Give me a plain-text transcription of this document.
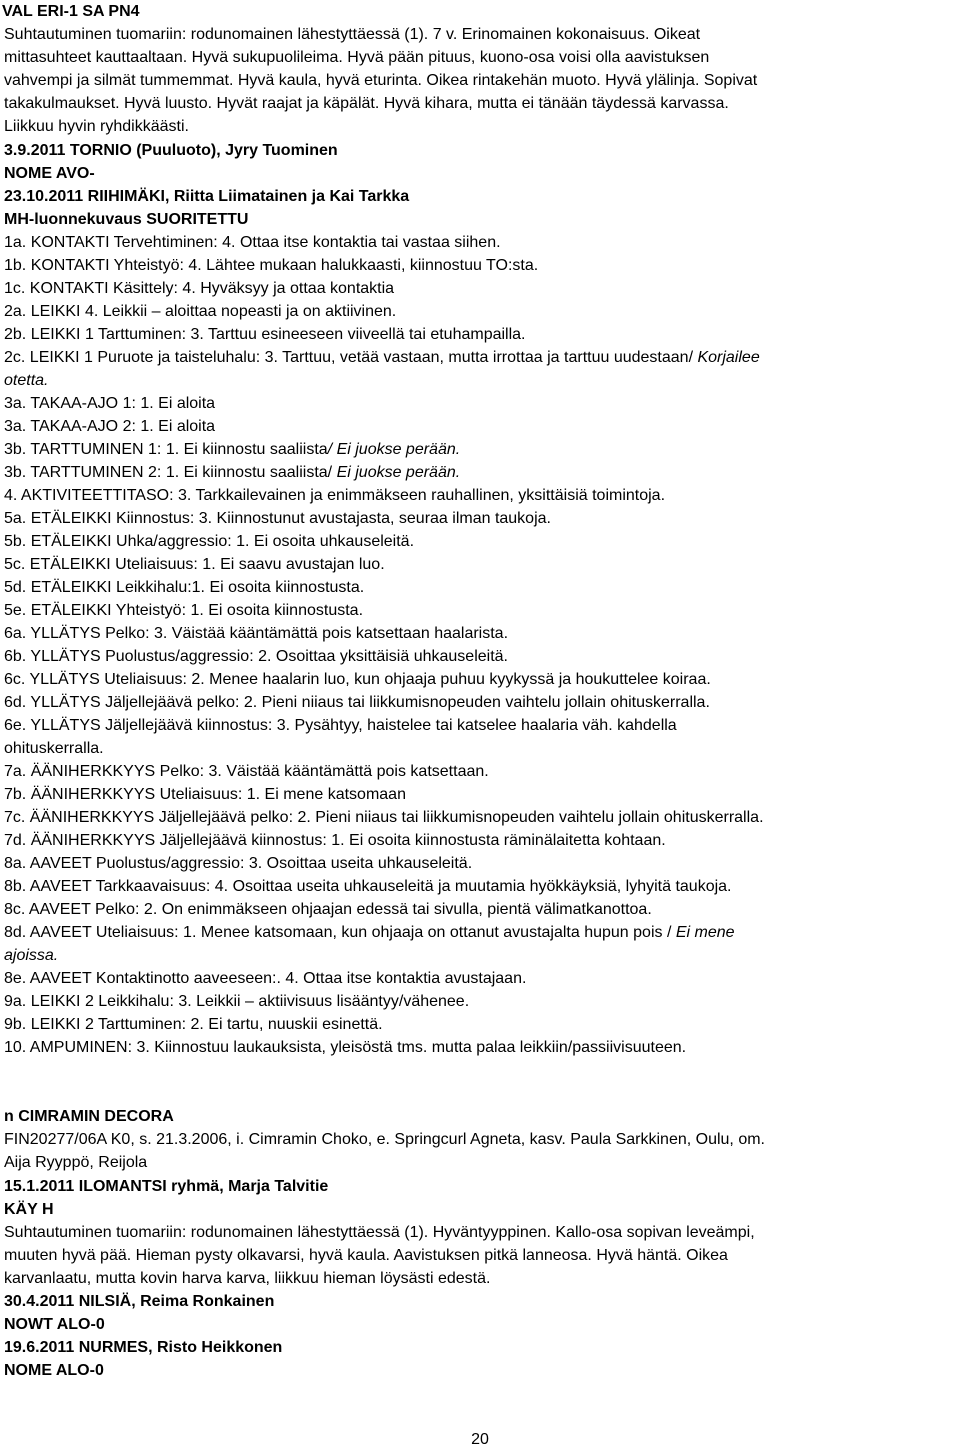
VAL ERI-1 SA PN4
Suhtautuminen tuomariin: rodunomainen lähestyttäessä (1). 7 v. Erinomainen kokonaisuus. Oikeat
mittasuhteet kauttaaltaan. Hyvä sukupuolileima. Hyvä pään pituus, kuono-osa voisi olla aavistuksen
vahvempi ja silmät tummemmat. Hyvä kaula, hyvä eturinta. Oikea rintakehän muoto. Hyvä ylälinja. Sopivat
takakulmaukset. Hyvä luusto. Hyvät raajat ja käpälät. Hyvä kihara, mutta ei tänään täydessä karvassa.
Liikkuu hyvin ryhdikkäästi.
3.9.2011 TORNIO (Puuluoto), Jyry Tuominen
NOME AVO-
23.10.2011 RIIHIMÄKI, Riitta Liimatainen ja Kai Tarkka
MH-luonnekuvaus SUORITETTU
1a. KONTAKTI Tervehtiminen: 4. Ottaa itse kontaktia tai vastaa siihen.
1b. KONTAKTI Yhteistyö: 4. Lähtee mukaan halukkaasti, kiinnostuu TO:sta.
1c. KONTAKTI Käsittely: 4. Hyväksyy ja ottaa kontaktia
2a. LEIKKI 4. Leikkii – aloittaa nopeasti ja on aktiivinen.
2b. LEIKKI 1 Tarttuminen: 3. Tarttuu esineeseen viiveellä tai etuhampailla.
2c. LEIKKI 1 Puruote ja taisteluhalu: 3. Tarttuu, vetää vastaan, mutta irrottaa ja tarttuu uudestaan/ Korjailee
otetta.
3a. TAKAA-AJO 1: 1. Ei aloita
3a. TAKAA-AJO 2: 1. Ei aloita
3b. TARTTUMINEN 1: 1. Ei kiinnostu saaliista/ Ei juokse perään.
3b. TARTTUMINEN 2: 1. Ei kiinnostu saaliista/ Ei juokse perään.
4. AKTIVITEETTITASO: 3. Tarkkailevainen ja enimmäkseen rauhallinen, yksittäisiä toimintoja.
5a. ETÄLEIKKI Kiinnostus: 3. Kiinnostunut avustajasta, seuraa ilman taukoja.
5b. ETÄLEIKKI Uhka/aggressio: 1. Ei osoita uhkauseleitä.
5c. ETÄLEIKKI Uteliaisuus: 1. Ei saavu avustajan luo.
5d. ETÄLEIKKI Leikkihalu:1. Ei osoita kiinnostusta.
5e. ETÄLEIKKI Yhteistyö: 1. Ei osoita kiinnostusta.
6a. YLLÄTYS Pelko: 3. Väistää kääntämättä pois katsettaan haalarista.
6b. YLLÄTYS Puolustus/aggressio: 2. Osoittaa yksittäisiä uhkauseleitä.
6c. YLLÄTYS Uteliaisuus: 2. Menee haalarin luo, kun ohjaaja puhuu kyykyssä ja houkuttelee koiraa.
6d. YLLÄTYS Jäljellejäävä pelko: 2. Pieni niiaus tai liikkumisnopeuden vaihtelu jollain ohituskerralla.
6e. YLLÄTYS Jäljellejäävä kiinnostus: 3. Pysähtyy, haistelee tai katselee haalaria väh. kahdella
ohituskerralla.
7a. ÄÄNIHERKKYYS Pelko: 3. Väistää kääntämättä pois katsettaan.
7b. ÄÄNIHERKKYYS Uteliaisuus: 1. Ei mene katsomaan
7c. ÄÄNIHERKKYYS Jäljellejäävä pelko: 2. Pieni niiaus tai liikkumisnopeuden vaihtelu jollain ohituskerralla.
7d. ÄÄNIHERKKYYS Jäljellejäävä kiinnostus: 1. Ei osoita kiinnostusta räminälaitetta kohtaan.
8a. AAVEET Puolustus/aggressio: 3. Osoittaa useita uhkauseleitä.
8b. AAVEET Tarkkaavaisuus: 4. Osoittaa useita uhkauseleitä ja muutamia hyökkäyksiä, lyhyitä taukoja.
8c. AAVEET Pelko: 2. On enimmäkseen ohjaajan edessä tai sivulla, pientä välimatkanottoa.
8d. AAVEET Uteliaisuus: 1. Menee katsomaan, kun ohjaaja on ottanut avustajalta hupun pois / Ei mene
ajoissa.
8e. AAVEET Kontaktinotto aaveeseen:. 4. Ottaa itse kontaktia avustajaan.
9a. LEIKKI 2 Leikkihalu: 3. Leikkii – aktiivisuus lisääntyy/vähenee.
9b. LEIKKI 2 Tarttuminen: 2. Ei tartu, nuuskii esinettä.
10. AMPUMINEN: 3. Kiinnostuu laukauksista, yleisöstä tms. mutta palaa leikkiin/passiivisuuteen.
n CIMRAMIN DECORA
FIN20277/06A K0, s. 21.3.2006, i. Cimramin Choko, e. Springcurl Agneta, kasv. Paula Sarkkinen, Oulu, om.
Aija Ryyppö, Reijola
15.1.2011 ILOMANTSI ryhmä, Marja Talvitie
KÄY H
Suhtautuminen tuomariin: rodunomainen lähestyttäessä (1). Hyväntyyppinen. Kallo-osa sopivan leveämpi,
muuten hyvä pää. Hieman pysty olkavarsi, hyvä kaula. Aavistuksen pitkä lanneosa. Hyvä häntä. Oikea
karvanlaatu, mutta kovin harva karva, liikkuu hieman löysästi edestä.
30.4.2011 NILSIÄ, Reima Ronkainen
NOWT ALO-0
19.6.2011 NURMES, Risto Heikkonen
NOME ALO-0
20
